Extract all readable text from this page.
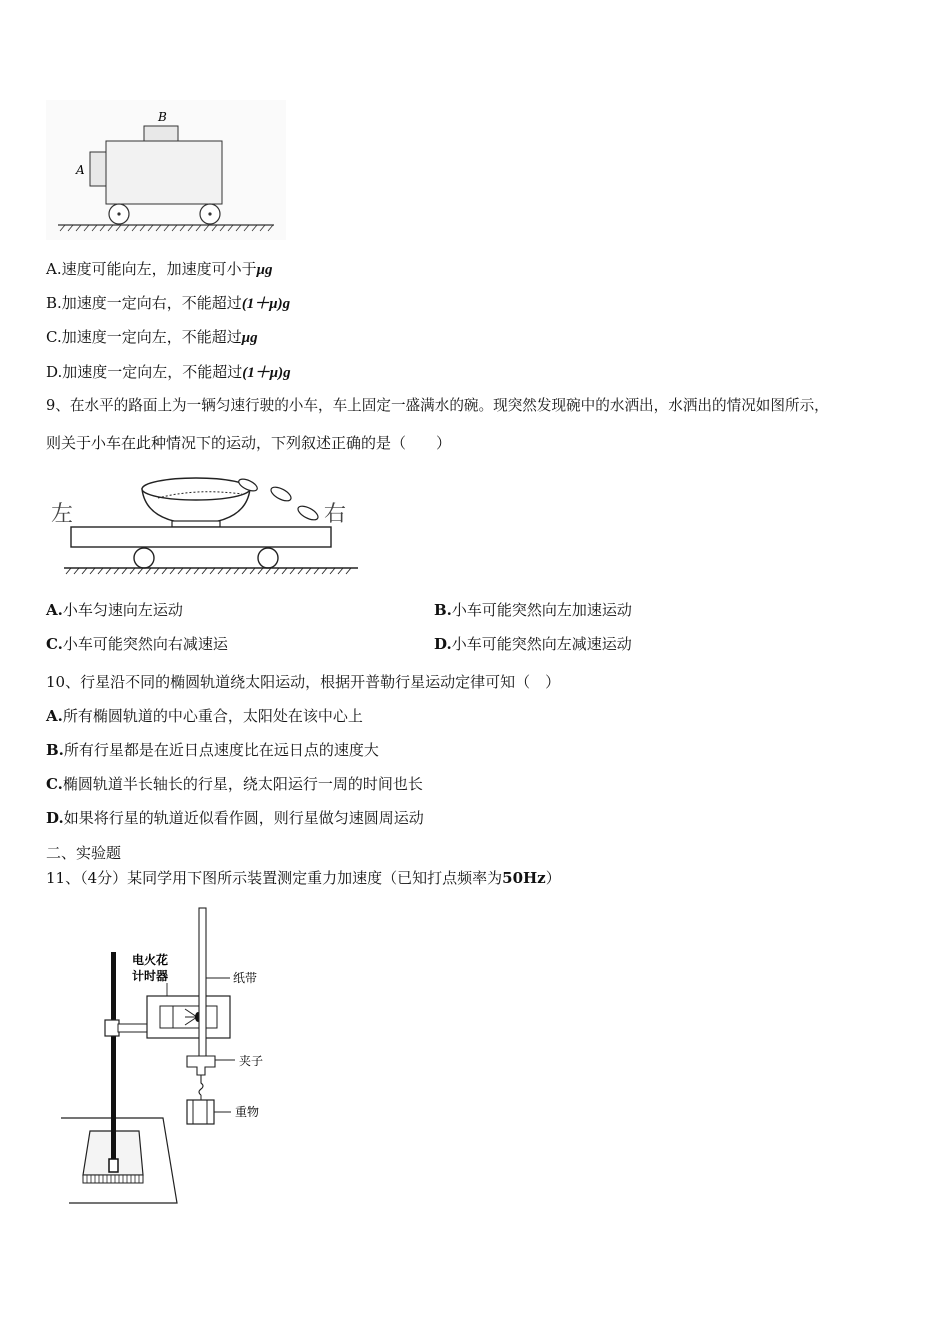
B
A
A.速度可能向左，加速度可小于μg
B.加速度一定向右，不能超过(1＋μ)g
C.加速度一定向左，不能超过μg
D.加速度一定向左，不能超过(1＋μ)g
9、在水平的路面上为一辆匀速行驶的小车，车上固定一盛满水的碗。现突然发现碗中的水洒出，水洒出的情况如图所示，
则关于小车在此种情况下的运动，下列叙述正确的是（　　）
左	右
A.小车匀速向左运动	B.小车可能突然向左加速运动
C.小车可能突然向右减速运	D.小车可能突然向左减速运动
10、行星沿不同的椭圆轨道绕太阳运动，根据开普勒行星运动定律可知（　）
A.所有椭圆轨道的中心重合，太阳处在该中心上
B.所有行星都是在近日点速度比在远日点的速度大
C.椭圆轨道半长轴长的行星，绕太阳运行一周的时间也长
D.如果将行星的轨道近似看作圆，则行星做匀速圆周运动
二、实验题
11、（4分）某同学用下图所示装置测定重力加速度（已知打点频率为50Hz）
电火花
计时器	纸带
夹子
重物
